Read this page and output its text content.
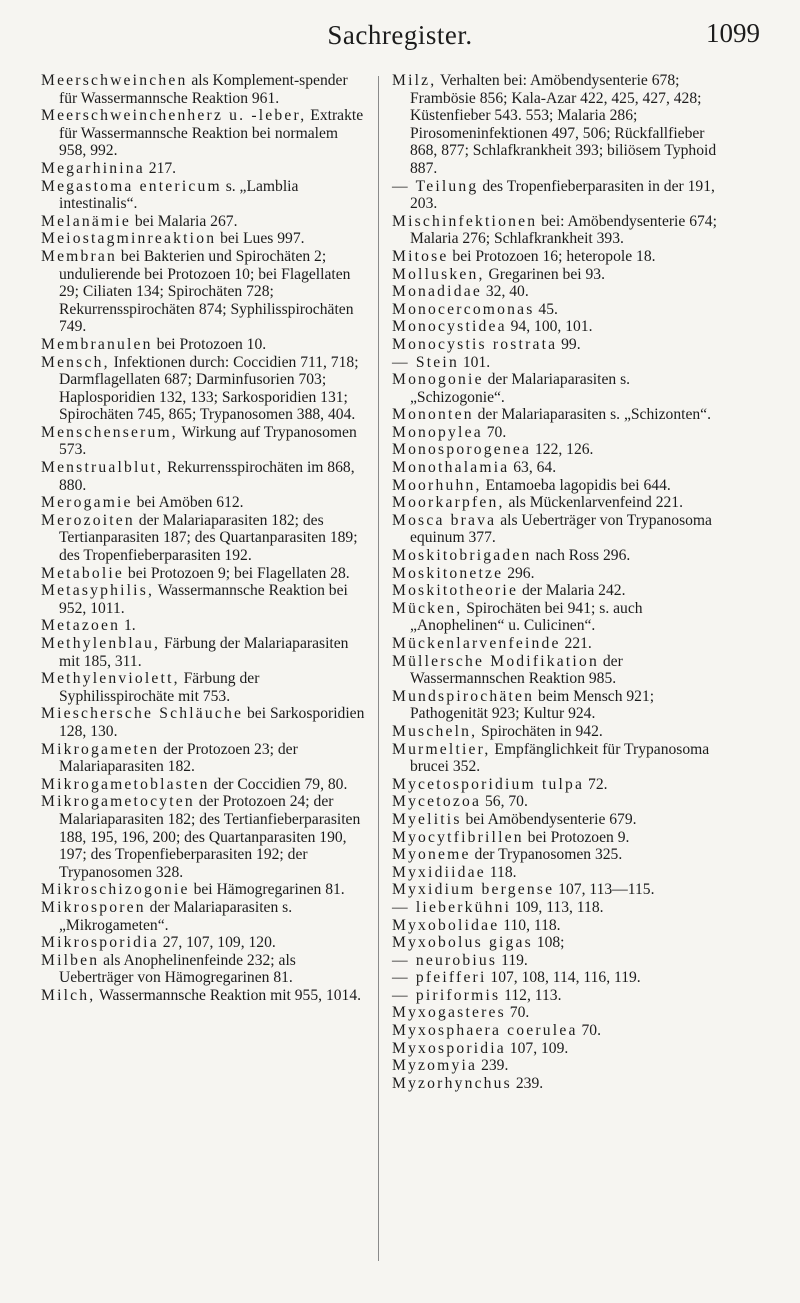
Sachregister.	1099
Meerschweinchen als Komplement-spender für Wassermannsche Reaktion 961.
Meerschweinchenherz u. -leber, Extrakte für Wassermannsche Reaktion bei normalem 958, 992.
Megarhinina 217.
Megastoma entericum s. „Lamblia intestinalis“.
Melanämie bei Malaria 267.
Meiostagminreaktion bei Lues 997.
Membran bei Bakterien und Spirochäten 2; undulierende bei Protozoen 10; bei Flagellaten 29; Ciliaten 134; Spirochäten 728; Rekurrensspirochäten 874; Syphilisspirochäten 749.
Membranulen bei Protozoen 10.
Mensch, Infektionen durch: Coccidien 711, 718; Darmflagellaten 687; Darminfusorien 703; Haplosporidien 132, 133; Sarkosporidien 131; Spirochäten 745, 865; Trypanosomen 388, 404.
Menschenserum, Wirkung auf Trypanosomen 573.
Menstrualblut, Rekurrensspirochäten im 868, 880.
Merogamie bei Amöben 612.
Merozoiten der Malariaparasiten 182; des Tertianparasiten 187; des Quartanparasiten 189; des Tropenfieberparasiten 192.
Metabolie bei Protozoen 9; bei Flagellaten 28.
Metasyphilis, Wassermannsche Reaktion bei 952, 1011.
Metazoen 1.
Methylenblau, Färbung der Malariaparasiten mit 185, 311.
Methylenviolett, Färbung der Syphilisspirochäte mit 753.
Mieschersche Schläuche bei Sarkosporidien 128, 130.
Mikrogameten der Protozoen 23; der Malariaparasiten 182.
Mikrogametoblasten der Coccidien 79, 80.
Mikrogametocyten der Protozoen 24; der Malariaparasiten 182; des Tertianfieberparasiten 188, 195, 196, 200; des Quartanparasiten 190, 197; des Tropenfieberparasiten 192; der Trypanosomen 328.
Mikroschizogonie bei Hämogregarinen 81.
Mikrosporen der Malariaparasiten s. „Mikrogameten“.
Mikrosporidia 27, 107, 109, 120.
Milben als Anophelinenfeinde 232; als Ueberträger von Hämogregarinen 81.
Milch, Wassermannsche Reaktion mit 955, 1014.
Milz, Verhalten bei: Amöbendysenterie 678; Frambösie 856; Kala-Azar 422, 425, 427, 428; Küstenfieber 543. 553; Malaria 286; Pirosomeninfektionen 497, 506; Rückfallfieber 868, 877; Schlafkrankheit 393; biliösem Typhoid 887.
— Teilung des Tropenfieberparasiten in der 191, 203.
Mischinfektionen bei: Amöbendysenterie 674; Malaria 276; Schlafkrankheit 393.
Mitose bei Protozoen 16; heteropole 18.
Mollusken, Gregarinen bei 93.
Monadidae 32, 40.
Monocercomonas 45.
Monocystidea 94, 100, 101.
Monocystis rostrata 99.
— Stein 101.
Monogonie der Malariaparasiten s. „Schizogonie“.
Mononten der Malariaparasiten s. „Schizonten“.
Monopylea 70.
Monosporogenea 122, 126.
Monothalamia 63, 64.
Moorhuhn, Entamoeba lagopidis bei 644.
Moorkarpfen, als Mückenlarvenfeind 221.
Mosca brava als Ueberträger von Trypanosoma equinum 377.
Moskitobrigaden nach Ross 296.
Moskitonetze 296.
Moskitotheorie der Malaria 242.
Mücken, Spirochäten bei 941; s. auch „Anophelinen“ u. Culicinen“.
Mückenlarvenfeinde 221.
Müllersche Modifikation der Wassermannschen Reaktion 985.
Mundspirochäten beim Mensch 921; Pathogenität 923; Kultur 924.
Muscheln, Spirochäten in 942.
Murmeltier, Empfänglichkeit für Trypanosoma brucei 352.
Mycetosporidium tulpa 72.
Mycetozoa 56, 70.
Myelitis bei Amöbendysenterie 679.
Myocytfibrillen bei Protozoen 9.
Myoneme der Trypanosomen 325.
Myxidiidae 118.
Myxidium bergense 107, 113—115.
— lieberkühni 109, 113, 118.
Myxobolidae 110, 118.
Myxobolus gigas 108;
— neurobius 119.
— pfeifferi 107, 108, 114, 116, 119.
— piriformis 112, 113.
Myxogasteres 70.
Myxosphaera coerulea 70.
Myxosporidia 107, 109.
Myzomyia 239.
Myzorhynchus 239.
